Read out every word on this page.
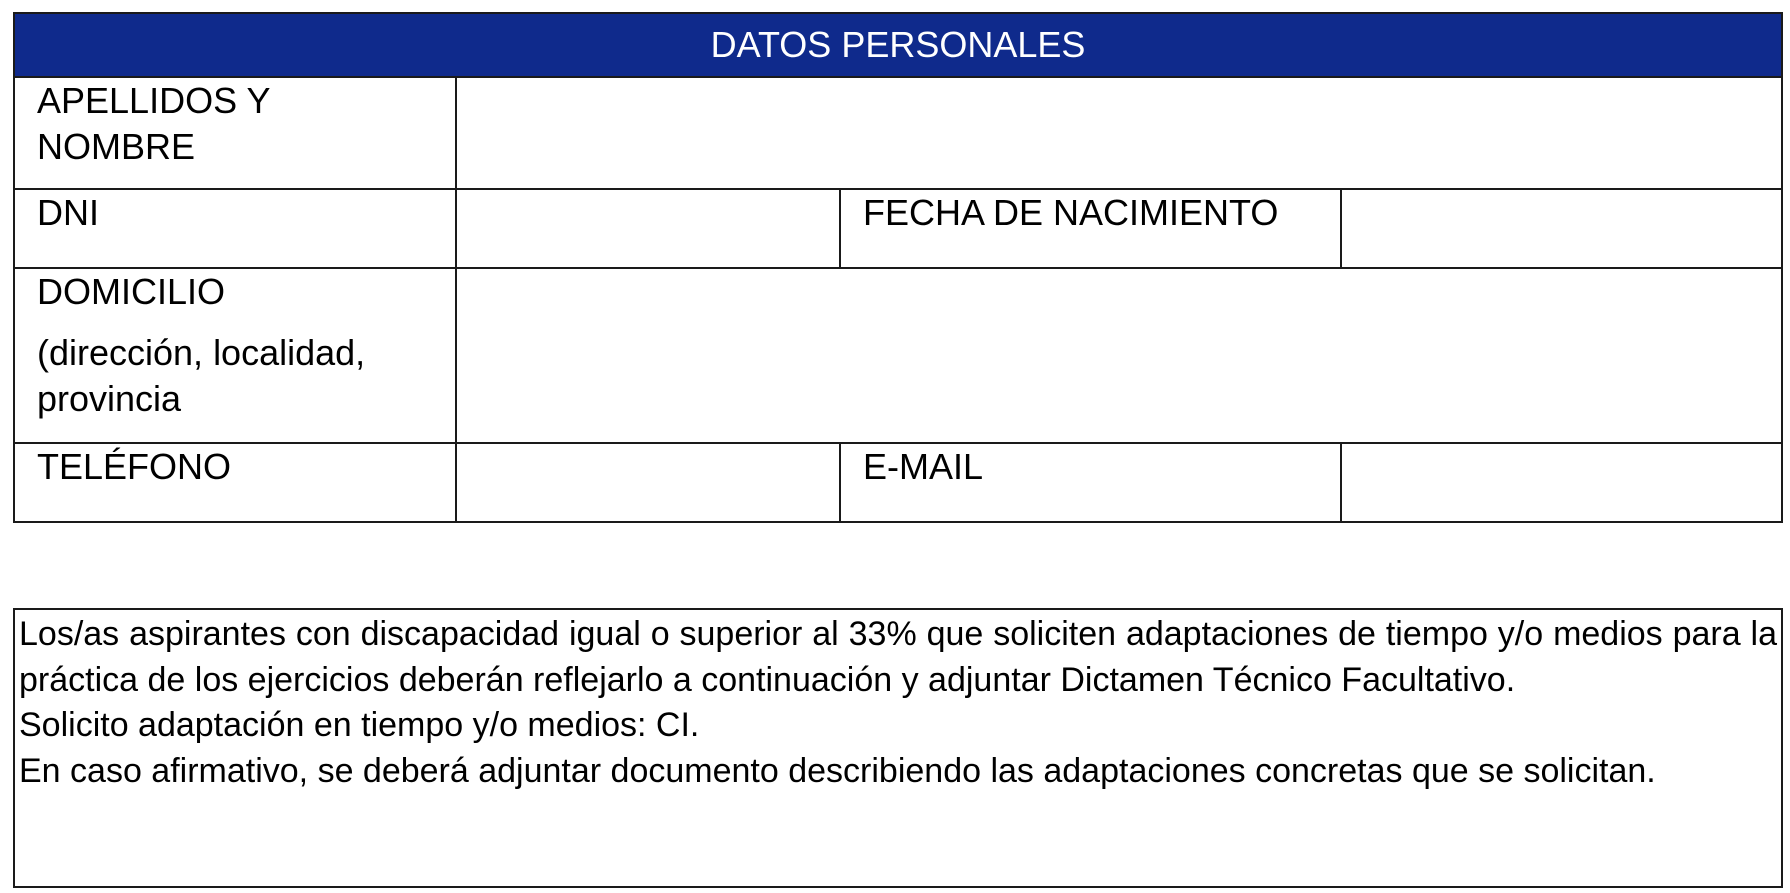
DATOS PERSONALES			

APELLIDOS Y
NOMBRE			

DNI		FECHA DE NACIMIENTO	

DOMICILIO
(dirección, localidad, provincia			

TELÉFONO		E-MAIL	

Los/as aspirantes con discapacidad igual o superior al 33% que soliciten adaptaciones de tiempo y/o medios para la práctica de los ejercicios deberán reflejarlo a continuación y adjuntar Dictamen Técnico Facultativo.

Solicito adaptación en tiempo y/o medios: CI.

En caso afirmativo, se deberá adjuntar documento describiendo las adaptaciones concretas que se solicitan.
